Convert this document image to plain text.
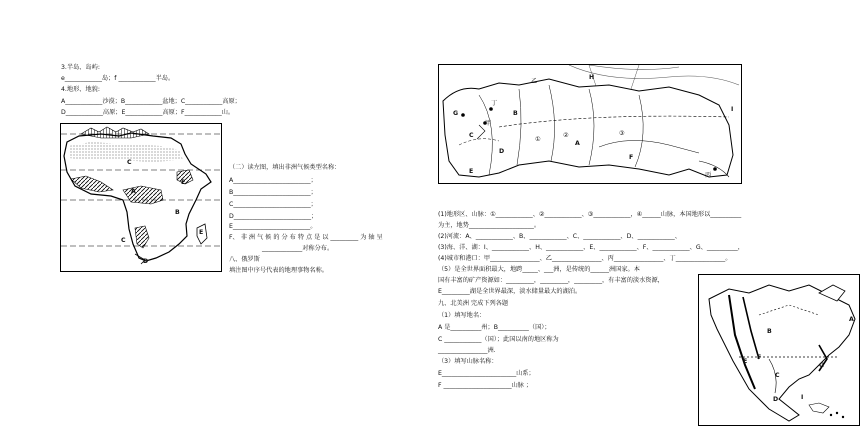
3.半岛、岛屿:
e____________岛；f ____________半岛。
4.地形、地貌:
A____________沙漠；B____________盆地；C____________高原；
D____________高原；E____________高原；F____________山。
C
A
E
B
C
D
E
（二）读左图，填出非洲气候类型名称：
A_________________________；
B_________________________；
C_________________________；
D_________________________；
E_________________________。
F、 非 洲 气 候 的 分 布 特 点 是 以 _________ 为 轴 呈
_____________对称分布。
八、俄罗斯
填注图中序号代表的地理事物名称。
H
乙
丁
甲
①
②	③
A
B
C
D
E
F
G
I
丙
(1)地形区、山脉：①____________、②____________、③____________，④______山脉，本国地形以__________
为主，地势_____________________。
(2)河流：A、____________、B、____________、C、____________、D、____________、
(3)海、洋、湖：I、____________、H、____________、E、____________、F、____________、G、__________，
(4)城市和港口：甲________________、乙________________、丙________________、丁________________。
（5）是全世界面积最大，地跨_____、___洲，是传统的______洲国家。本
国有丰富的矿产资源如：_________，_________，_________，有丰富的淡水资源，
E_________湖是全世界最深，淡水储量最大的湖泊。
九、北美洲 完成下列各题
（1）填写地名：
A 是__________州；B__________（国）；
C ____________（国）；此国以南的地区称为
________________洲.
（3）填写山脉名称：
E________________________山系；
F ______________________山脉 ；
B
A
E
F
C
G
D	I
